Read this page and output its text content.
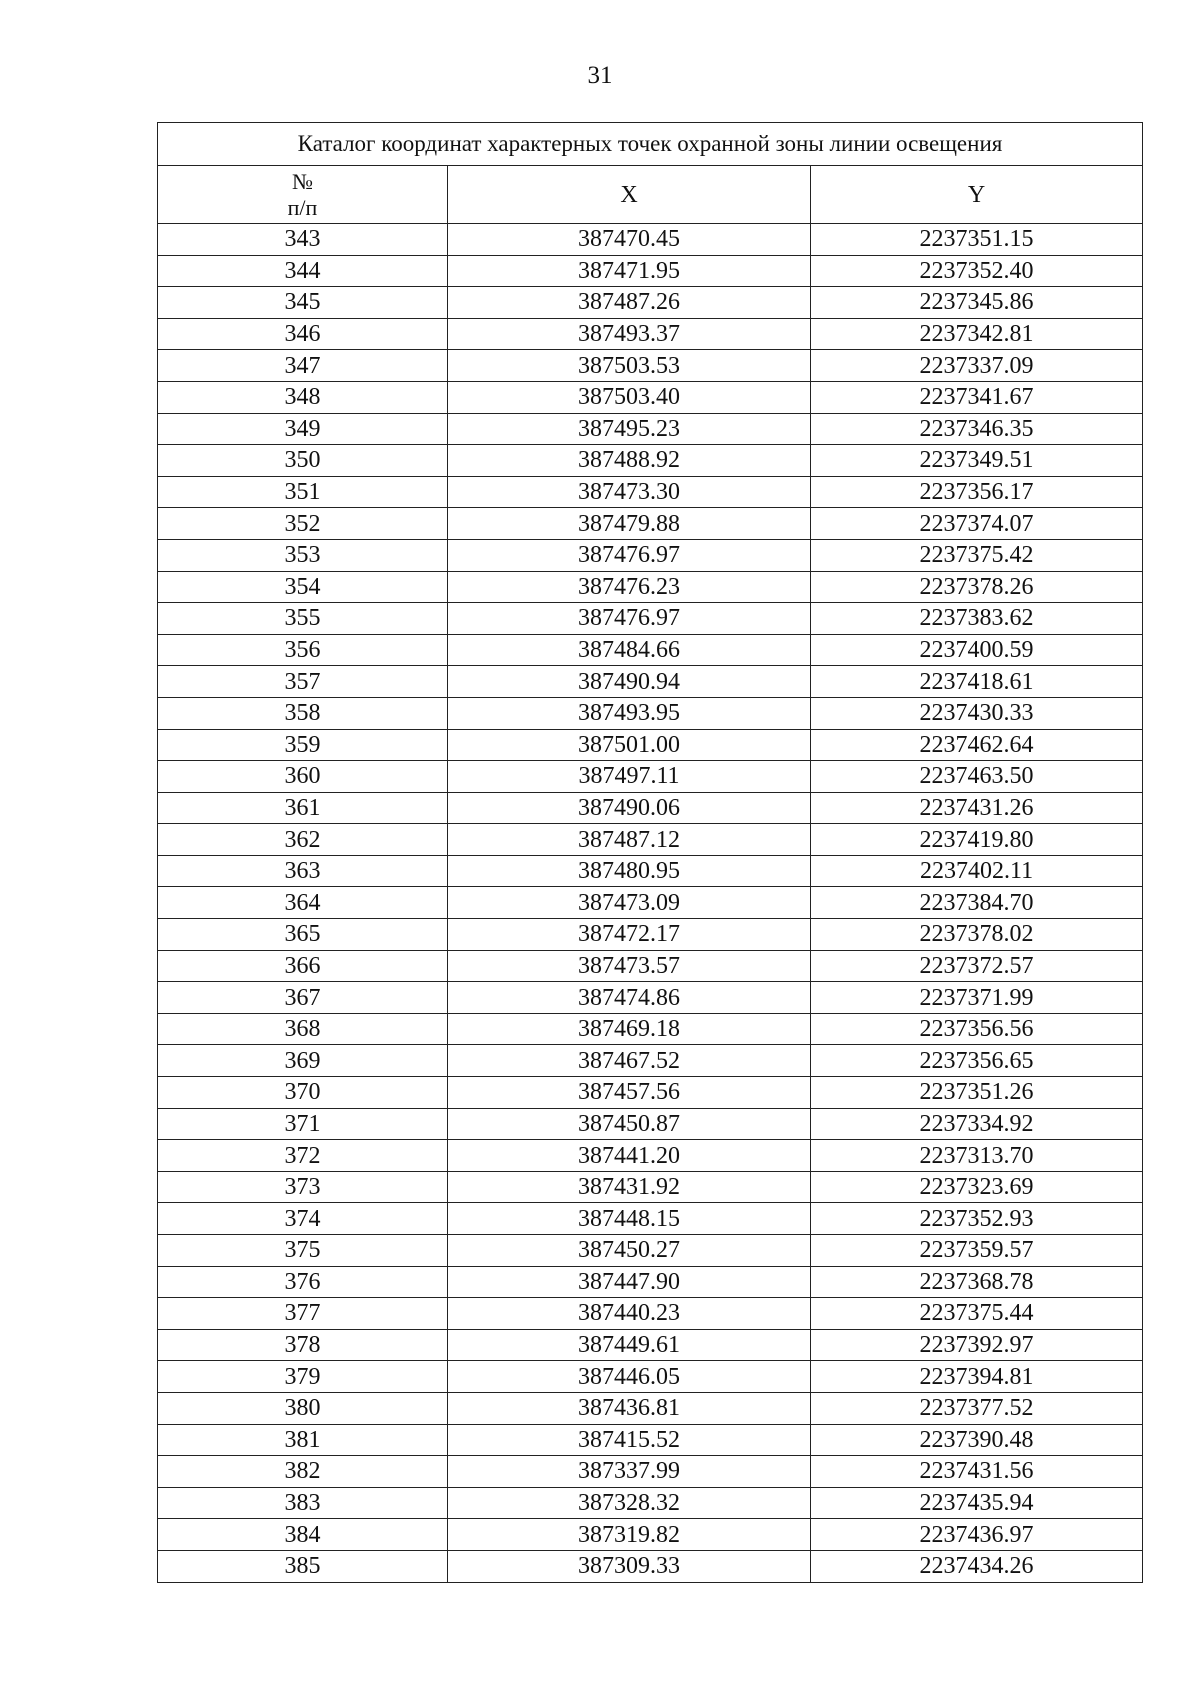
31
Каталог координат характерных точек охранной зоны линии освещения		
№
п/п	X	Y
343	387470.45	2237351.15
344	387471.95	2237352.40
345	387487.26	2237345.86
346	387493.37	2237342.81
347	387503.53	2237337.09
348	387503.40	2237341.67
349	387495.23	2237346.35
350	387488.92	2237349.51
351	387473.30	2237356.17
352	387479.88	2237374.07
353	387476.97	2237375.42
354	387476.23	2237378.26
355	387476.97	2237383.62
356	387484.66	2237400.59
357	387490.94	2237418.61
358	387493.95	2237430.33
359	387501.00	2237462.64
360	387497.11	2237463.50
361	387490.06	2237431.26
362	387487.12	2237419.80
363	387480.95	2237402.11
364	387473.09	2237384.70
365	387472.17	2237378.02
366	387473.57	2237372.57
367	387474.86	2237371.99
368	387469.18	2237356.56
369	387467.52	2237356.65
370	387457.56	2237351.26
371	387450.87	2237334.92
372	387441.20	2237313.70
373	387431.92	2237323.69
374	387448.15	2237352.93
375	387450.27	2237359.57
376	387447.90	2237368.78
377	387440.23	2237375.44
378	387449.61	2237392.97
379	387446.05	2237394.81
380	387436.81	2237377.52
381	387415.52	2237390.48
382	387337.99	2237431.56
383	387328.32	2237435.94
384	387319.82	2237436.97
385	387309.33	2237434.26
